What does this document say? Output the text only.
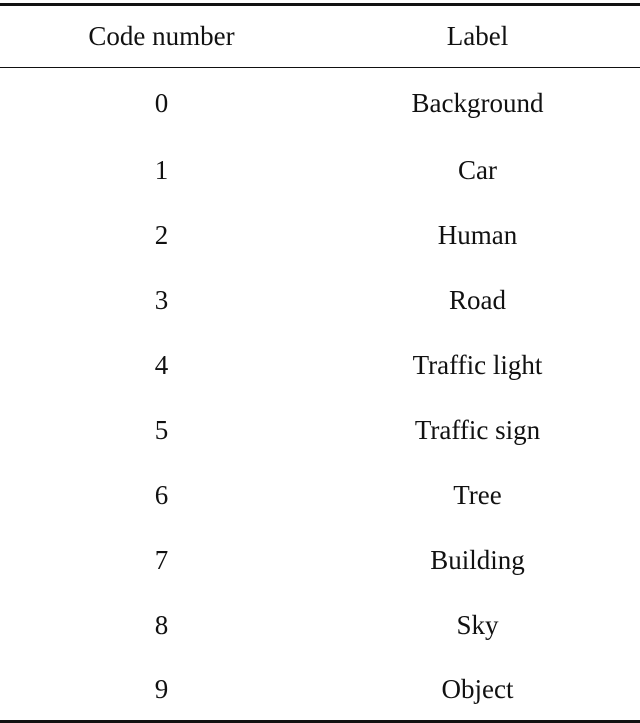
Code number	Label
0	Background
1	Car
2	Human
3	Road
4	Traffic light
5	Traffic sign
6	Tree
7	Building
8	Sky
9	Object
